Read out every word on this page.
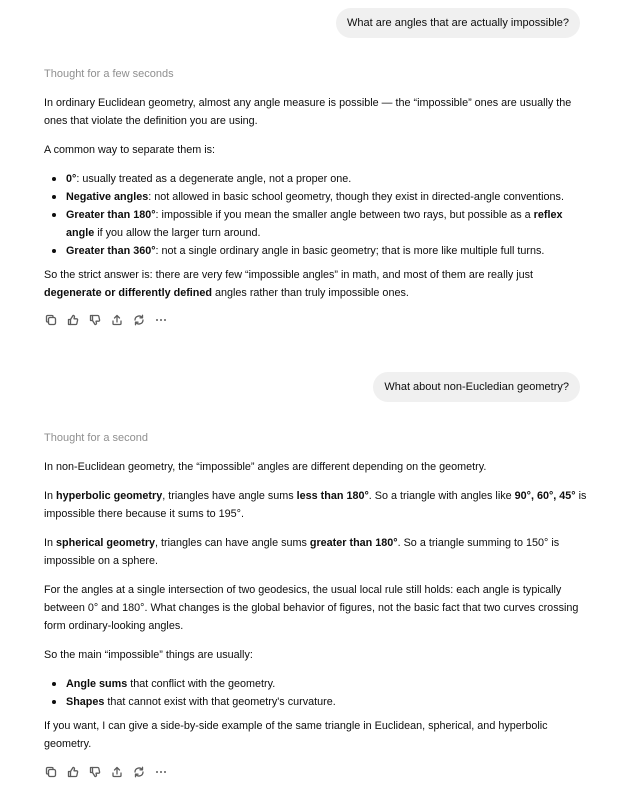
What are angles that are actually impossible?
Thought for a few seconds

In ordinary Euclidean geometry, almost any angle measure is possible — the “impossible” ones are usually the ones that violate the definition you are using.

A common way to separate them is:

0°: usually treated as a degenerate angle, not a proper one.
Negative angles: not allowed in basic school geometry, though they exist in directed-angle conventions.
Greater than 180°: impossible if you mean the smaller angle between two rays, but possible as a reflex angle if you allow the larger turn around.
Greater than 360°: not a single ordinary angle in basic geometry; that is more like multiple full turns.

So the strict answer is: there are very few “impossible angles” in math, and most of them are really just degenerate or differently defined angles rather than truly impossible ones.

What about non-Eucledian geometry?
Thought for a second

In non-Euclidean geometry, the “impossible” angles are different depending on the geometry.

In hyperbolic geometry, triangles have angle sums less than 180°. So a triangle with angles like 90°, 60°, 45° is impossible there because it sums to 195°.

In spherical geometry, triangles can have angle sums greater than 180°. So a triangle summing to 150° is impossible on a sphere.

For the angles at a single intersection of two geodesics, the usual local rule still holds: each angle is typically between 0° and 180°. What changes is the global behavior of figures, not the basic fact that two curves crossing form ordinary-looking angles.

So the main “impossible” things are usually:

Angle sums that conflict with the geometry.
Shapes that cannot exist with that geometry's curvature.

If you want, I can give a side-by-side example of the same triangle in Euclidean, spherical, and hyperbolic geometry.
